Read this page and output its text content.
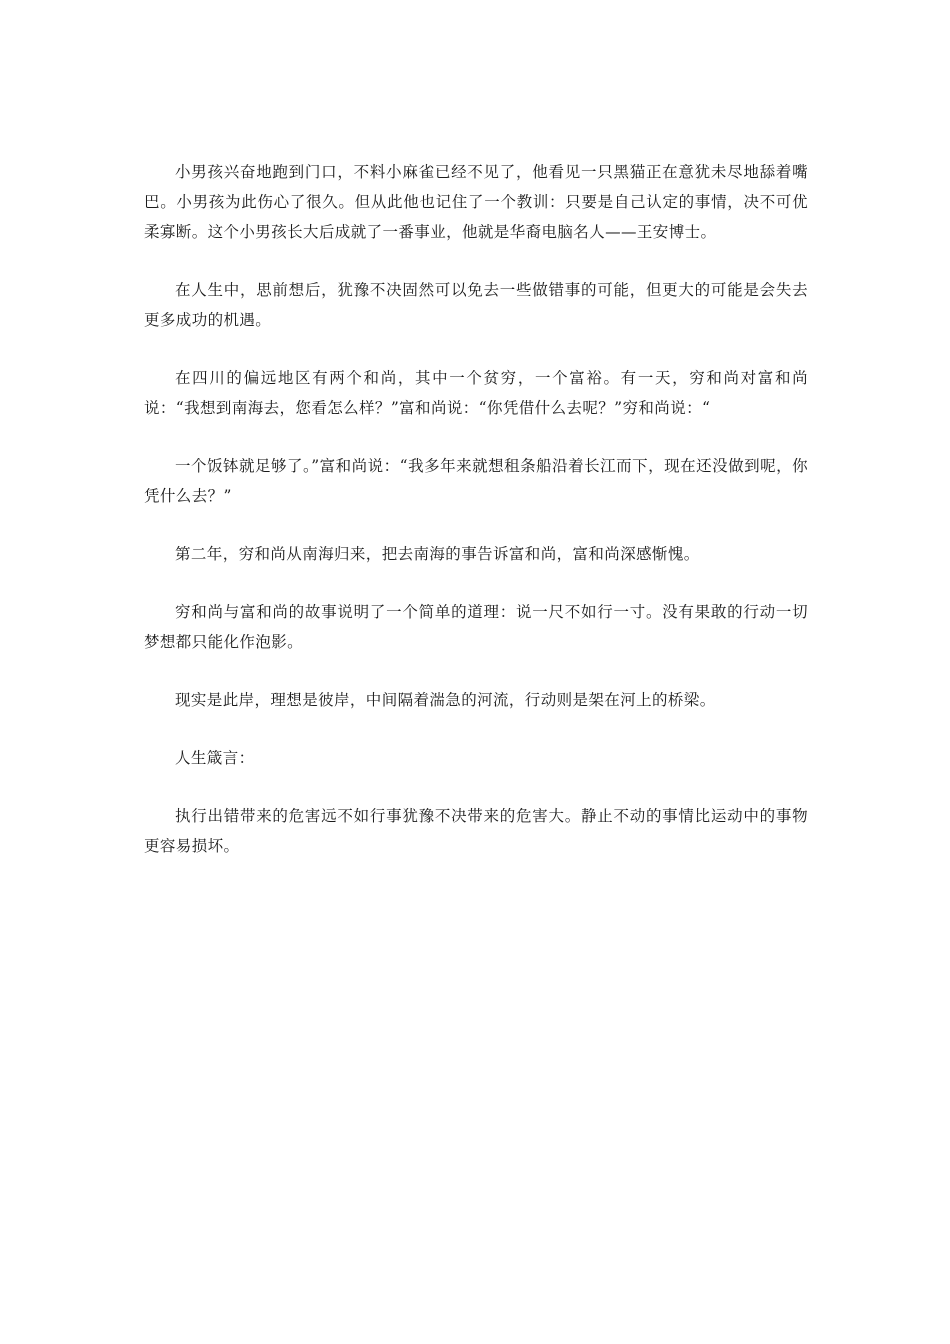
小男孩兴奋地跑到门口，不料小麻雀已经不见了，他看见一只黑猫正在意犹未尽地舔着嘴巴。小男孩为此伤心了很久。但从此他也记住了一个教训：只要是自己认定的事情，决不可优柔寡断。这个小男孩长大后成就了一番事业，他就是华裔电脑名人——王安博士。

在人生中，思前想后，犹豫不决固然可以免去一些做错事的可能，但更大的可能是会失去更多成功的机遇。

在四川的偏远地区有两个和尚，其中一个贫穷，一个富裕。有一天，穷和尚对富和尚说：“我想到南海去，您看怎么样？”富和尚说：“你凭借什么去呢？”穷和尚说：“

一个饭钵就足够了。”富和尚说：“我多年来就想租条船沿着长江而下，现在还没做到呢，你凭什么去？”

第二年，穷和尚从南海归来，把去南海的事告诉富和尚，富和尚深感惭愧。

穷和尚与富和尚的故事说明了一个简单的道理：说一尺不如行一寸。没有果敢的行动一切梦想都只能化作泡影。

现实是此岸，理想是彼岸，中间隔着湍急的河流，行动则是架在河上的桥梁。

人生箴言：

执行出错带来的危害远不如行事犹豫不决带来的危害大。静止不动的事情比运动中的事物更容易损坏。
